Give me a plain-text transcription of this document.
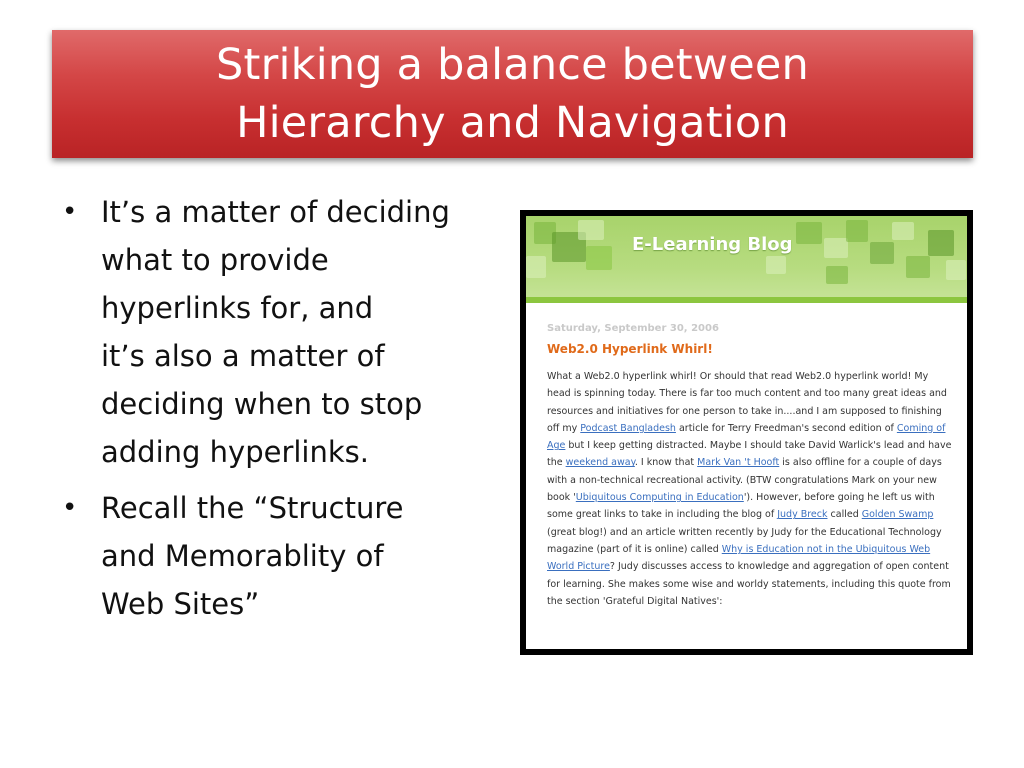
Striking a balance between
Hierarchy and Navigation
• It’s a matter of deciding
what to provide
hyperlinks for, and
it’s also a matter of
deciding when to stop
adding hyperlinks.
• Recall the “Structure
and Memorablity of
Web Sites”
E-Learning Blog
Saturday, September 30, 2006
Web2.0 Hyperlink Whirl!
What a Web2.0 hyperlink whirl! Or should that read Web2.0 hyperlink world! My head is spinning today. There is far too much content and too many great ideas and resources and initiatives for one person to take in....and I am supposed to finishing off my Podcast Bangladesh article for Terry Freedman's second edition of Coming of Age but I keep getting distracted. Maybe I should take David Warlick's lead and have the weekend away. I know that Mark Van 't Hooft is also offline for a couple of days with a non-technical recreational activity. (BTW congratulations Mark on your new book 'Ubiquitous Computing in Education'). However, before going he left us with some great links to take in including the blog of Judy Breck called Golden Swamp (great blog!) and an article written recently by Judy for the Educational Technology magazine (part of it is online) called Why is Education not in the Ubiquitous Web World Picture? Judy discusses access to knowledge and aggregation of open content for learning. She makes some wise and worldy statements, including this quote from the section 'Grateful Digital Natives':
